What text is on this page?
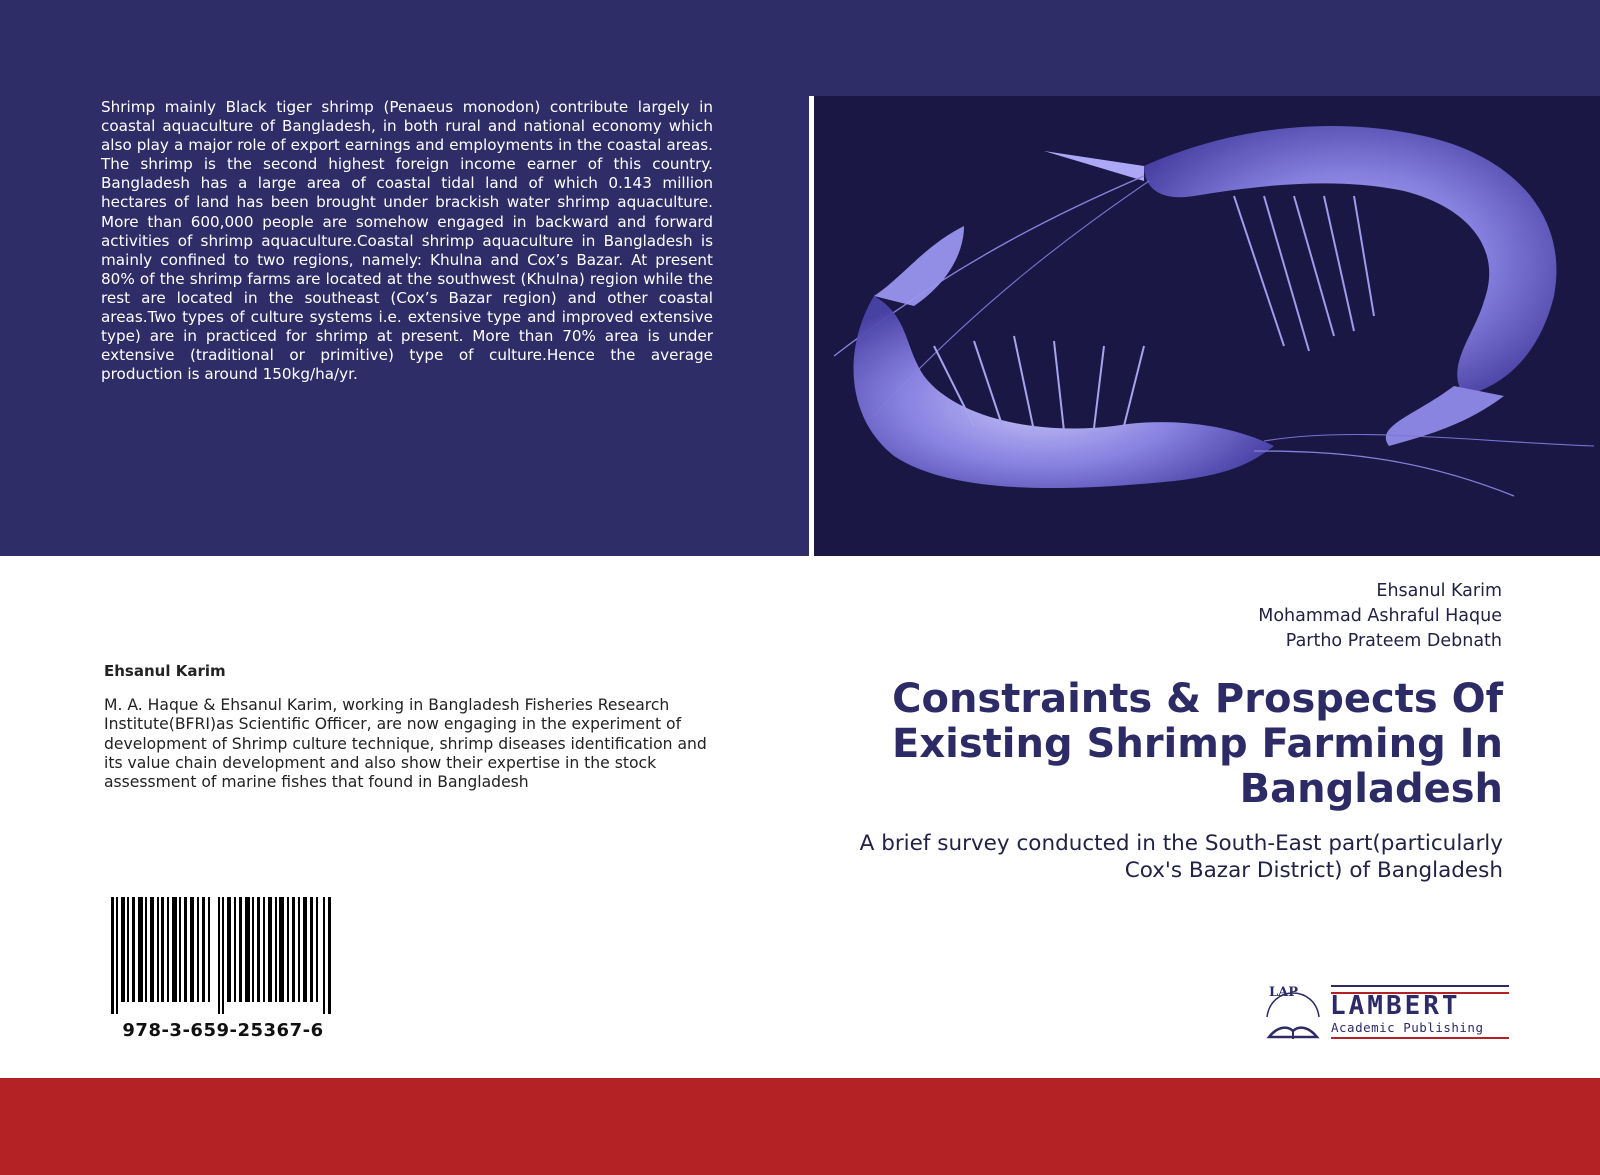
Shrimp mainly Black tiger shrimp (Penaeus monodon) contribute largely in coastal aquaculture of Bangladesh, in both rural and national economy which also play a major role of export earnings and employments in the coastal areas. The shrimp is the second highest foreign income earner of this country. Bangladesh has a large area of coastal tidal land of which 0.143 million hectares of land has been brought under brackish water shrimp aquaculture. More than 600,000 people are somehow engaged in backward and forward activities of shrimp aquaculture.Coastal shrimp aquaculture in Bangladesh is mainly confined to two regions, namely: Khulna and Cox’s Bazar. At present 80% of the shrimp farms are located at the southwest (Khulna) region while the rest are located in the southeast (Cox’s Bazar region) and other coastal areas.Two types of culture systems i.e. extensive type and improved extensive type) are in practiced for shrimp at present. More than 70% area is under extensive (traditional or primitive) type of culture.Hence the average production is around 150kg/ha/yr.
Ehsanul Karim
Mohammad Ashraful Haque
Partho Prateem Debnath
Ehsanul Karim
M. A. Haque & Ehsanul Karim, working in Bangladesh Fisheries Research Institute(BFRI)as Scientific Officer, are now engaging in the experiment of development of Shrimp culture technique, shrimp diseases identification and its value chain development and also show their expertise in the stock assessment of marine fishes that found in Bangladesh
Constraints & Prospects Of Existing Shrimp Farming In Bangladesh
A brief survey conducted in the South-East part(particularly Cox's Bazar District) of Bangladesh
978-3-659-25367-6
LAP LAMBERT
Academic Publishing
